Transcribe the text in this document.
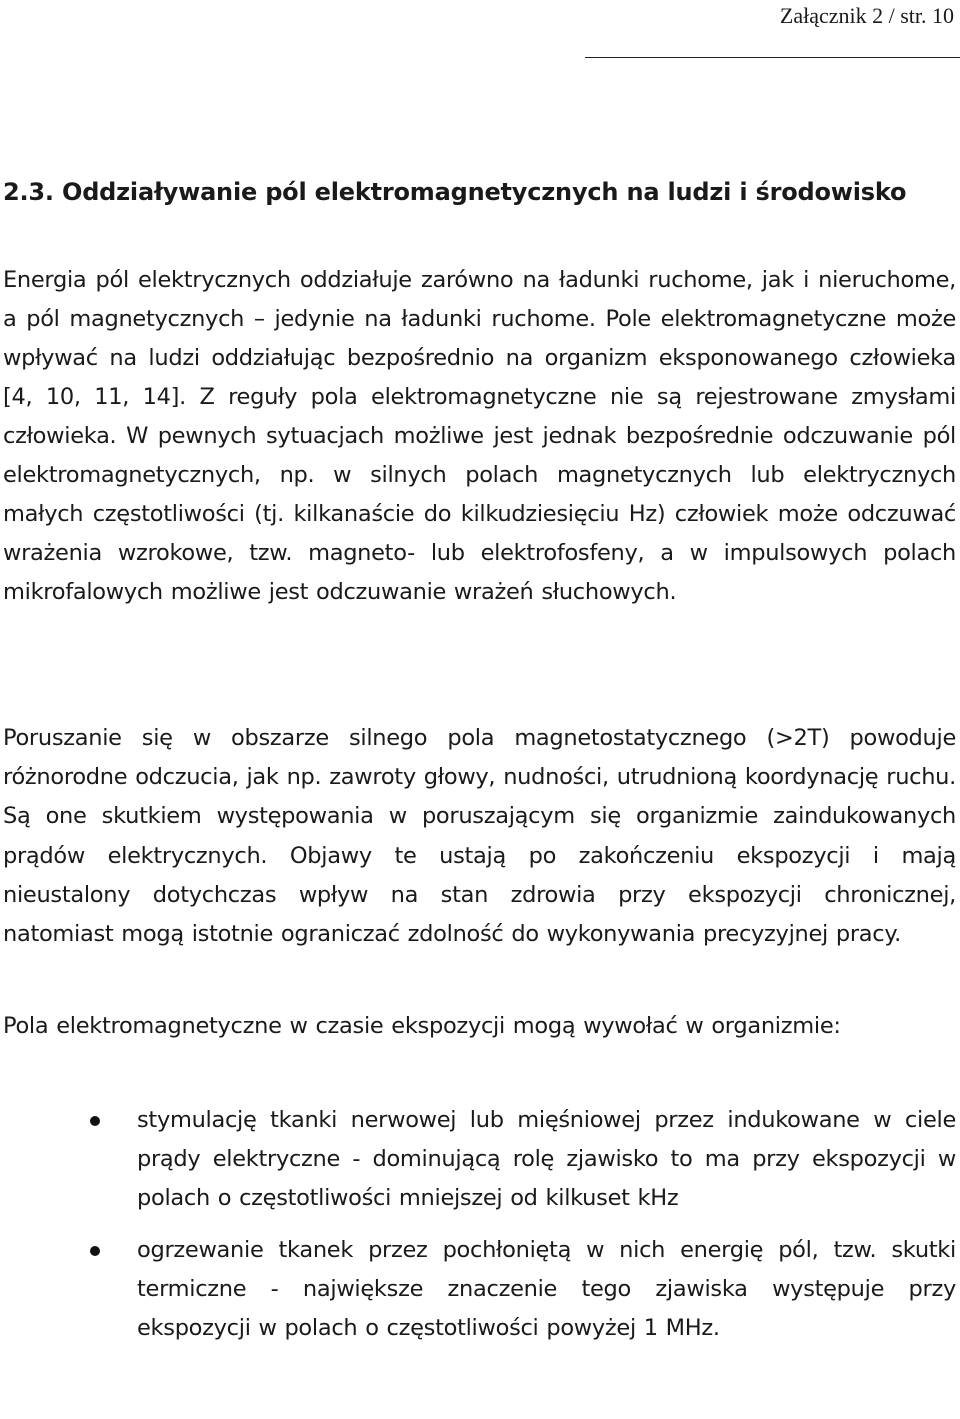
Załącznik 2 / str. 10
2.3. Oddziaływanie pól elektromagnetycznych na ludzi i środowisko

Energia pól elektrycznych oddziałuje zarówno na ładunki ruchome, jak i nieruchome, a pól magnetycznych – jedynie na ładunki ruchome. Pole elektromagnetyczne może wpływać na ludzi oddziałując bezpośrednio na organizm eksponowanego człowieka [4, 10, 11, 14]. Z reguły pola elektromagnetyczne nie są rejestrowane zmysłami człowieka. W pewnych sytuacjach możliwe jest jednak bezpośrednie odczuwanie pól elektromagnetycznych, np. w silnych polach magnetycznych lub elektrycznych małych częstotliwości (tj. kilkanaście do kilkudziesięciu Hz) człowiek może odczuwać wrażenia wzrokowe, tzw. magneto- lub elektrofosfeny, a w impulsowych polach mikrofalowych możliwe jest odczuwanie wrażeń słuchowych.

Poruszanie się w obszarze silnego pola magnetostatycznego (>2T) powoduje różnorodne odczucia, jak np. zawroty głowy, nudności, utrudnioną koordynację ruchu. Są one skutkiem występowania w poruszającym się organizmie zaindukowanych prądów elektrycznych. Objawy te ustają po zakończeniu ekspozycji i mają nieustalony dotychczas wpływ na stan zdrowia przy ekspozycji chronicznej, natomiast mogą istotnie ograniczać zdolność do wykonywania precyzyjnej pracy.

Pola elektromagnetyczne w czasie ekspozycji mogą wywołać w organizmie:

stymulację tkanki nerwowej lub mięśniowej przez indukowane w ciele prądy elektryczne - dominującą rolę zjawisko to ma przy ekspozycji w polach o częstotliwości mniejszej od kilkuset kHz
ogrzewanie tkanek przez pochłoniętą w nich energię pól, tzw. skutki termiczne - największe znaczenie tego zjawiska występuje przy ekspozycji w polach o częstotliwości powyżej 1 MHz.
